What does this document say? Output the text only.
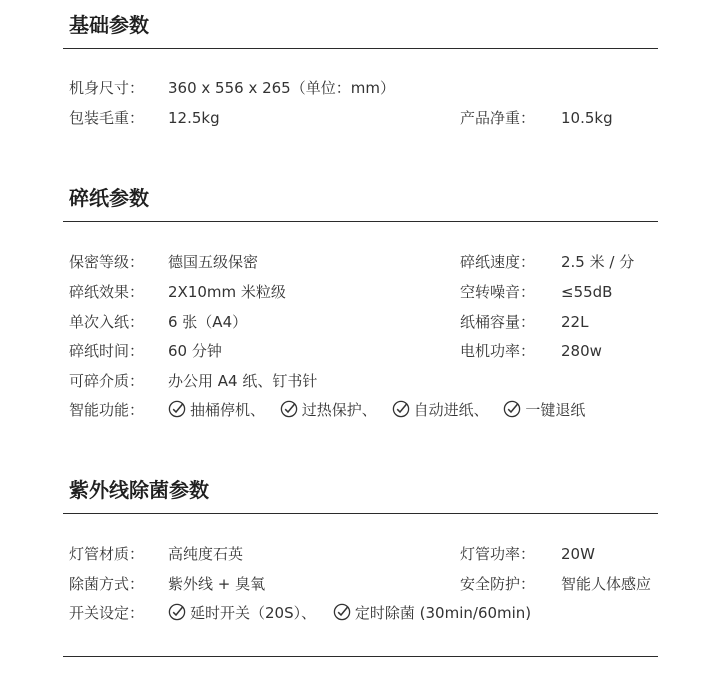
基础参数
机身尺寸： 360 x 556 x 265（单位：mm）
包装毛重： 12.5kg	产品净重： 10.5kg
碎纸参数
保密等级： 德国五级保密	碎纸速度： 2.5 米 / 分
碎纸效果： 2X10mm 米粒级	空转噪音： ≤55dB
单次入纸： 6 张（A4）	纸桶容量： 22L
碎纸时间： 60 分钟	电机功率： 280w
可碎介质： 办公用 A4 纸、钉书针
智能功能：	抽桶停机、 过热保护、 自动进纸、 一键退纸
紫外线除菌参数
灯管材质： 高纯度石英	灯管功率： 20W
除菌方式： 紫外线 + 臭氧	安全防护： 智能人体感应
开关设定：	延时开关（20S）、	定时除菌 (30min/60min)
